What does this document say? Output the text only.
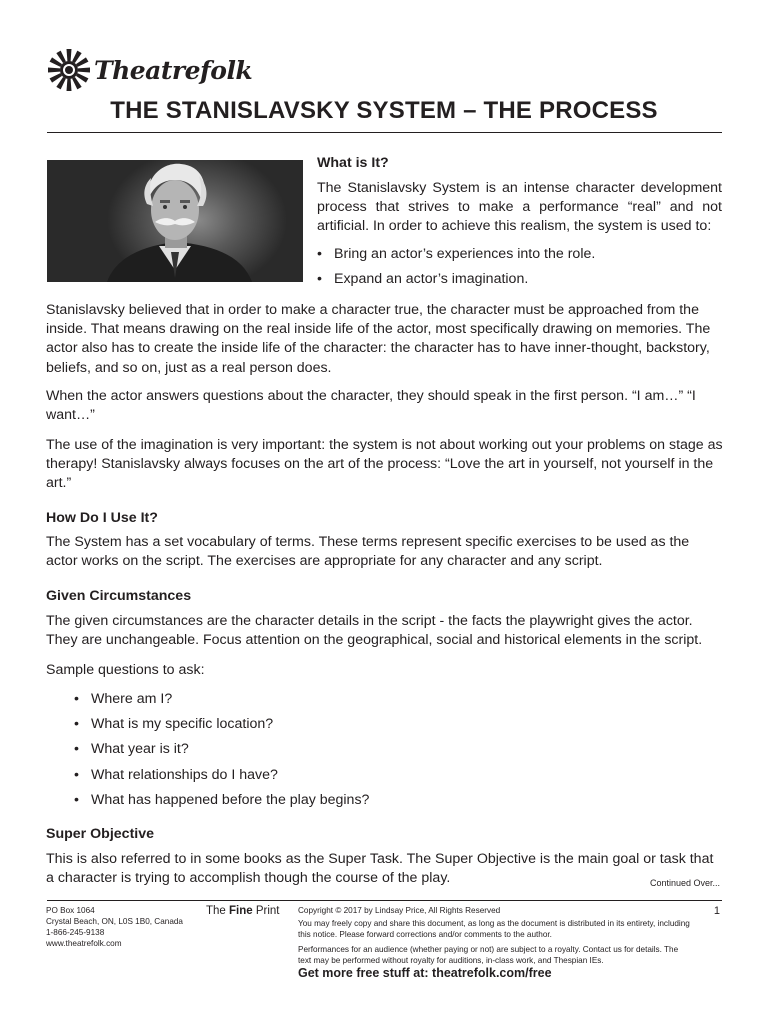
Theatrefolk
THE STANISLAVSKY SYSTEM – THE PROCESS
What is It?

The Stanislavsky System is an intense character development process that strives to make a performance “real” and not artificial. In order to achieve this realism, the system is used to:

• Bring an actor’s experiences into the role.
• Expand an actor’s imagination.

Stanislavsky believed that in order to make a character true, the character must be approached from the inside. That means drawing on the real inside life of the actor, most specifically drawing on memories. The actor also has to create the inside life of the character: the character has to have inner-thought, backstory, beliefs, and so on, just as a real person does.

When the actor answers questions about the character, they should speak in the first person. “I am…” “I want…”

The use of the imagination is very important: the system is not about working out your problems on stage as therapy! Stanislavsky always focuses on the art of the process: “Love the art in yourself, not yourself in the art.”

How Do I Use It?

The System has a set vocabulary of terms. These terms represent specific exercises to be used as the actor works on the script. The exercises are appropriate for any character and any script.

Given Circumstances

The given circumstances are the character details in the script - the facts the playwright gives the actor. They are unchangeable. Focus attention on the geographical, social and historical elements in the script.

Sample questions to ask:

• Where am I?
• What is my specific location?
• What year is it?
• What relationships do I have?
• What has happened before the play begins?
Super Objective

This is also referred to in some books as the Super Task. The Super Objective is the main goal or task that a character is trying to accomplish though the course of the play.	Continued Over...
PO Box 1064
Crystal Beach, ON, L0S 1B0, Canada
1-866-245-9138
www.theatrefolk.com
The Fine Print Copyright © 2017 by Lindsay Price, All Rights Reserved
You may freely copy and share this document, as long as the document is distributed in its entirety, including this notice. Please forward corrections and/or comments to the author.
Performances for an audience (whether paying or not) are subject to a royalty. Contact us for details. The text may be performed without royalty for auditions, in-class work, and Thespian IEs.
1
Get more free stuff at: theatrefolk.com/free
